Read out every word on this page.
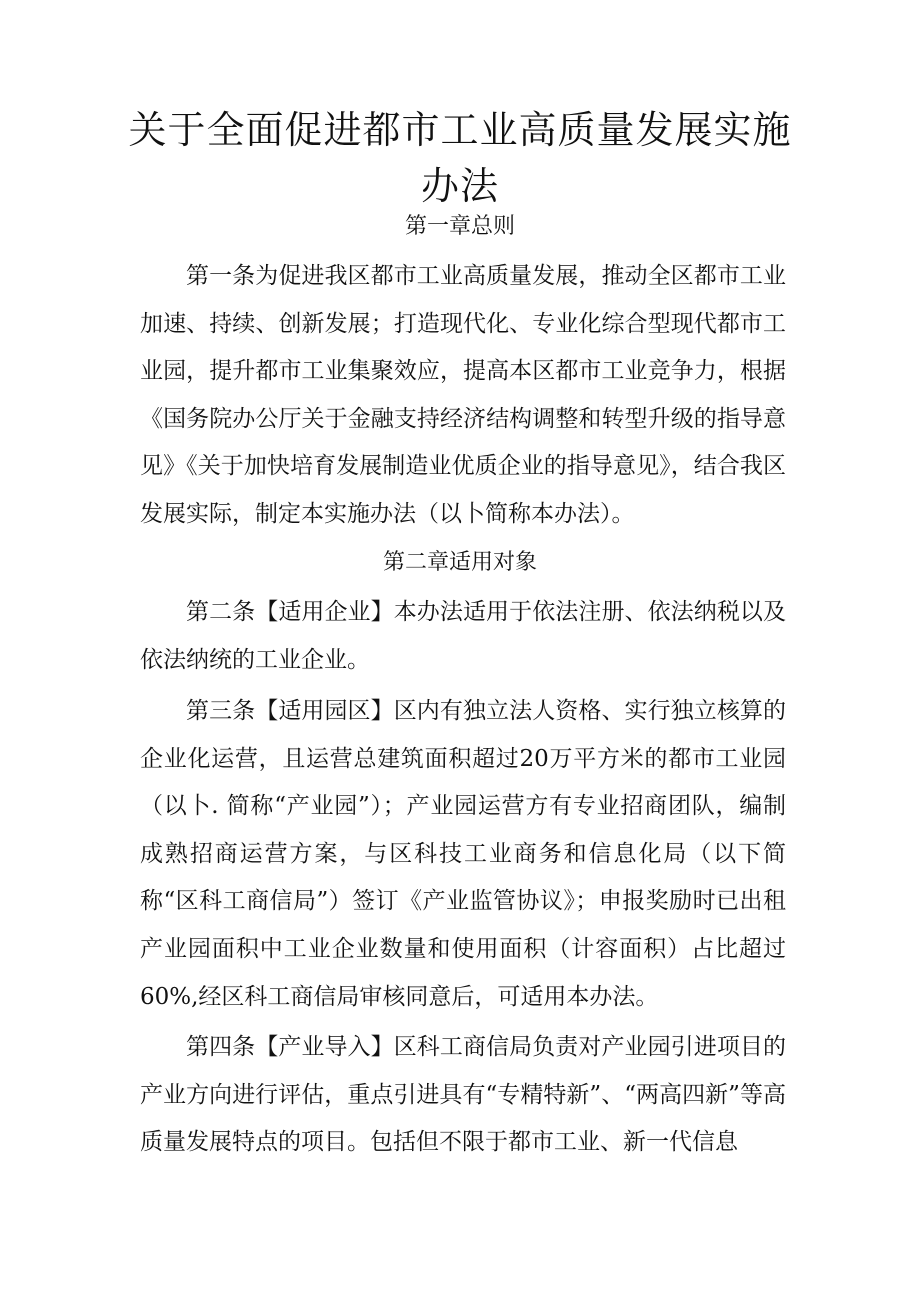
关于全面促进都市工业高质量发展实施办法

第一章总则

第一条为促进我区都市工业高质量发展，推动全区都市工业加速、持续、创新发展；打造现代化、专业化综合型现代都市工业园，提升都市工业集聚效应，提高本区都市工业竞争力，根据《国务院办公厅关于金融支持经济结构调整和转型升级的指导意见》《关于加快培育发展制造业优质企业的指导意见》，结合我区发展实际，制定本实施办法（以卜简称本办法）。

第二章适用对象

第二条【适用企业】本办法适用于依法注册、依法纳税以及依法纳统的工业企业。

第三条【适用园区】区内有独立法人资格、实行独立核算的企业化运营，且运营总建筑面积超过20万平方米的都市工业园（以卜. 简称“产业园”）；产业园运营方有专业招商团队，编制成熟招商运营方案，与区科技工业商务和信息化局（以下简称“区科工商信局”）签订《产业监管协议》；申报奖励时已出租产业园面积中工业企业数量和使用面积（计容面积）占比超过60%,经区科工商信局审核同意后，可适用本办法。

第四条【产业导入】区科工商信局负责对产业园引进项目的产业方向进行评估，重点引进具有“专精特新”、“两高四新”等高质量发展特点的项目。包括但不限于都市工业、新一代信息
